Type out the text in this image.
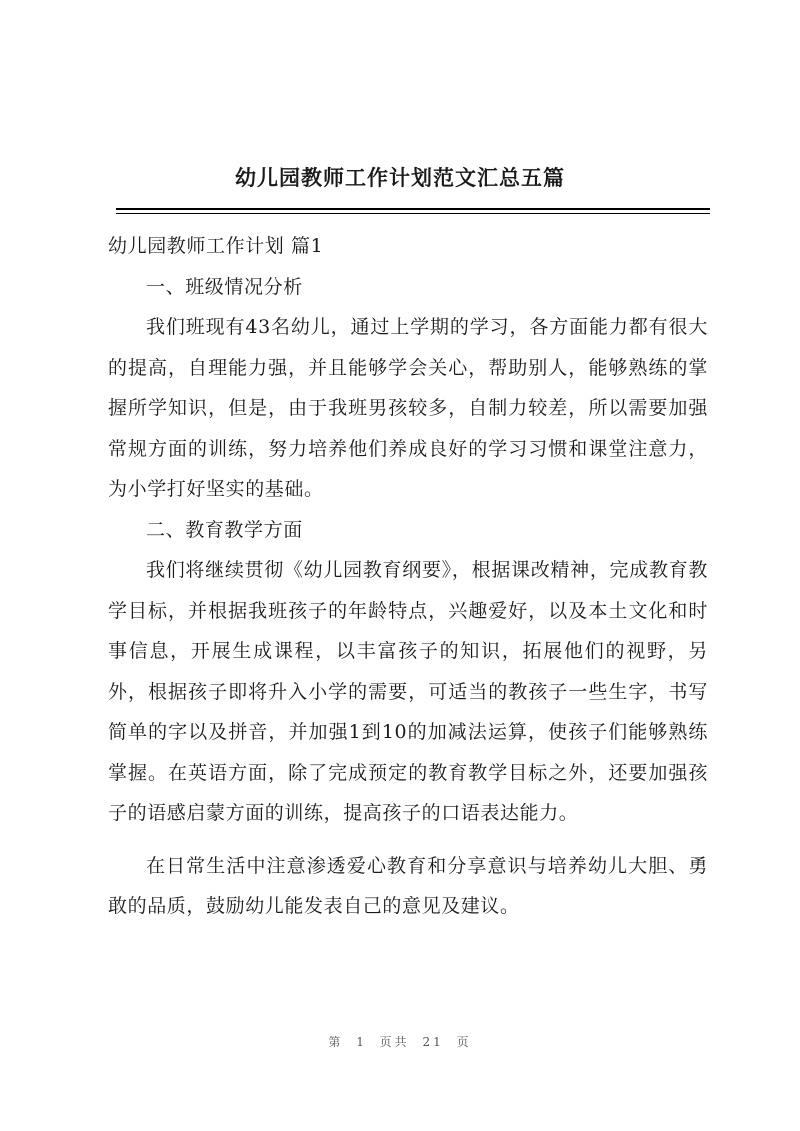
幼儿园教师工作计划范文汇总五篇

幼儿园教师工作计划 篇1

一、班级情况分析

我们班现有43名幼儿，通过上学期的学习，各方面能力都有很大的提高，自理能力强，并且能够学会关心，帮助别人，能够熟练的掌握所学知识，但是，由于我班男孩较多，自制力较差，所以需要加强常规方面的训练，努力培养他们养成良好的学习习惯和课堂注意力，为小学打好坚实的基础。

二、教育教学方面

我们将继续贯彻《幼儿园教育纲要》，根据课改精神，完成教育教学目标，并根据我班孩子的年龄特点，兴趣爱好，以及本土文化和时事信息，开展生成课程，以丰富孩子的知识，拓展他们的视野，另外，根据孩子即将升入小学的需要，可适当的教孩子一些生字，书写简单的字以及拼音，并加强1到10的加减法运算，使孩子们能够熟练掌握。在英语方面，除了完成预定的教育教学目标之外，还要加强孩子的语感启蒙方面的训练，提高孩子的口语表达能力。

在日常生活中注意渗透爱心教育和分享意识与培养幼儿大胆、勇敢的品质，鼓励幼儿能发表自己的意见及建议。

第 1 页共 21 页
